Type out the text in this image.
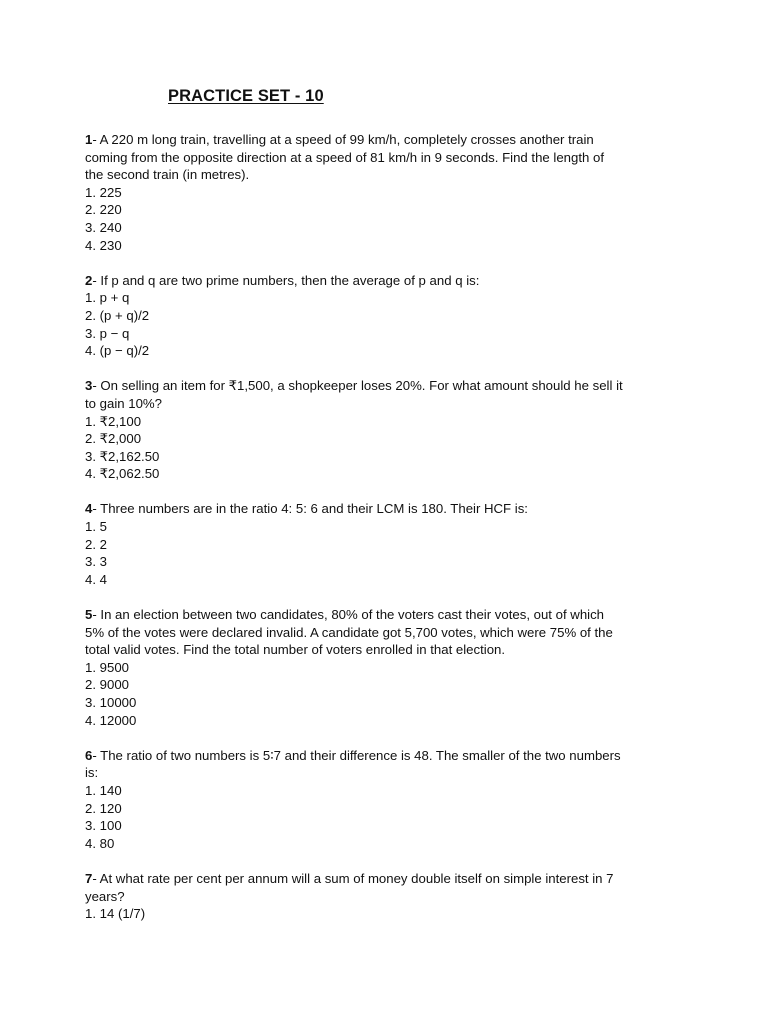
PRACTICE SET - 10

1- A 220 m long train, travelling at a speed of 99 km/h, completely crosses another train coming from the opposite direction at a speed of 81 km/h in 9 seconds. Find the length of the second train (in metres).

1. 225
2. 220
3. 240
4. 230

2- If p and q are two prime numbers, then the average of p and q is:

1. p + q
2. (p + q)/2
3. p − q
4. (p − q)/2

3- On selling an item for ₹1,500, a shopkeeper loses 20%. For what amount should he sell it to gain 10%?

1. ₹2,100
2. ₹2,000
3. ₹2,162.50
4. ₹2,062.50

4- Three numbers are in the ratio 4: 5: 6 and their LCM is 180. Their HCF is:

1. 5
2. 2
3. 3
4. 4

5- In an election between two candidates, 80% of the voters cast their votes, out of which 5% of the votes were declared invalid. A candidate got 5,700 votes, which were 75% of the total valid votes. Find the total number of voters enrolled in that election.

1. 9500
2. 9000
3. 10000
4. 12000

6- The ratio of two numbers is 5∶7 and their difference is 48. The smaller of the two numbers is:

1. 140
2. 120
3. 100
4. 80

7- At what rate per cent per annum will a sum of money double itself on simple interest in 7 years?

1. 14 (1/7)
